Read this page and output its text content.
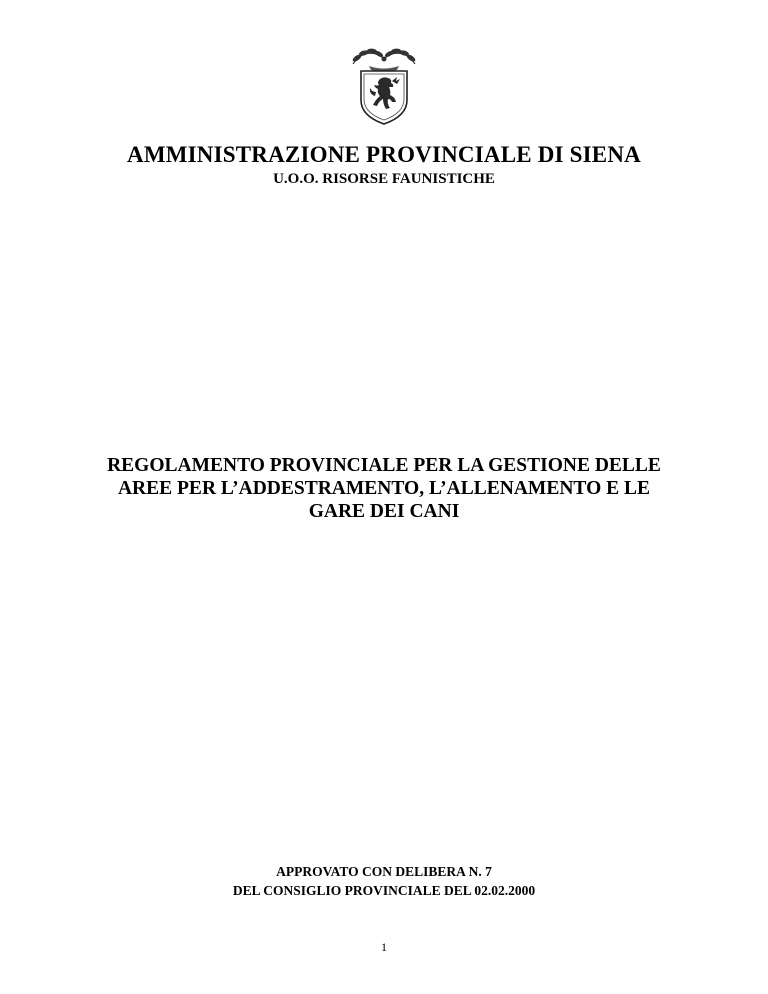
AMMINISTRAZIONE PROVINCIALE DI SIENA
U.O.O. RISORSE FAUNISTICHE
REGOLAMENTO PROVINCIALE PER LA GESTIONE DELLE
AREE PER L’ADDESTRAMENTO, L’ALLENAMENTO E LE
GARE DEI CANI
APPROVATO CON DELIBERA N. 7
DEL CONSIGLIO PROVINCIALE DEL 02.02.2000
1
